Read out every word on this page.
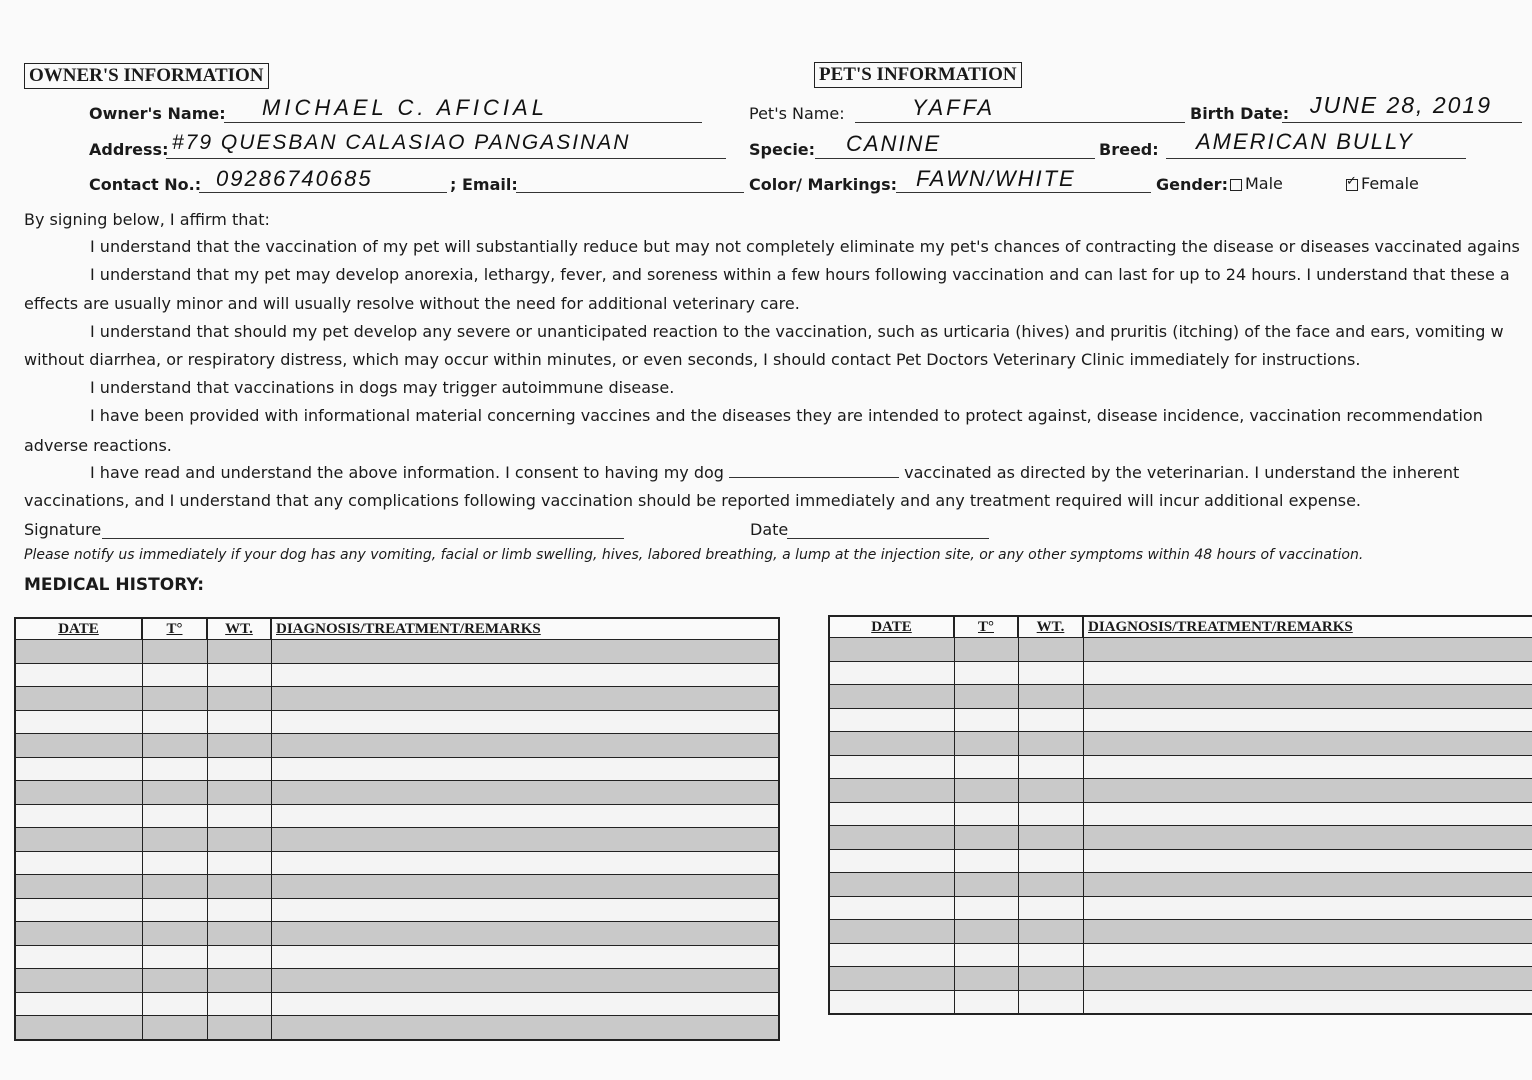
OWNER'S INFORMATION
Owner's Name: MICHAEL C. AFICIAL
Address: #79 QUESBAN CALASIAO PANGASINAN
Contact No.: 09286740685	; Email:
PET'S INFORMATION
Pet's Name:	YAFFA	Birth Date: JUNE 28, 2019
Specie: CANINE	Breed: AMERICAN BULLY
Color/ Markings: FAWN/WHITE	Gender:	Male ✓	Female
By signing below, I affirm that:
I understand that the vaccination of my pet will substantially reduce but may not completely eliminate my pet's chances of contracting the disease or diseases vaccinated agains
I understand that my pet may develop anorexia, lethargy, fever, and soreness within a few hours following vaccination and can last for up to 24 hours. I understand that these a
effects are usually minor and will usually resolve without the need for additional veterinary care.
I understand that should my pet develop any severe or unanticipated reaction to the vaccination, such as urticaria (hives) and pruritis (itching) of the face and ears, vomiting w
without diarrhea, or respiratory distress, which may occur within minutes, or even seconds, I should contact Pet Doctors Veterinary Clinic immediately for instructions.
I understand that vaccinations in dogs may trigger autoimmune disease.
I have been provided with informational material concerning vaccines and the diseases they are intended to protect against, disease incidence, vaccination recommendation
adverse reactions.
I have read and understand the above information. I consent to having my dog	vaccinated as directed by the veterinarian. I understand the inherent
vaccinations, and I understand that any complications following vaccination should be reported immediately and any treatment required will incur additional expense.
Signature	Date
Please notify us immediately if your dog has any vomiting, facial or limb swelling, hives, labored breathing, a lump at the injection site, or any other symptoms within 48 hours of vaccination.
MEDICAL HISTORY:
DATE	T°	WT.	DIAGNOSIS/TREATMENT/REMARKS

				DATE	T°	WT.	DIAGNOSIS/TREATMENT/REMARKS
